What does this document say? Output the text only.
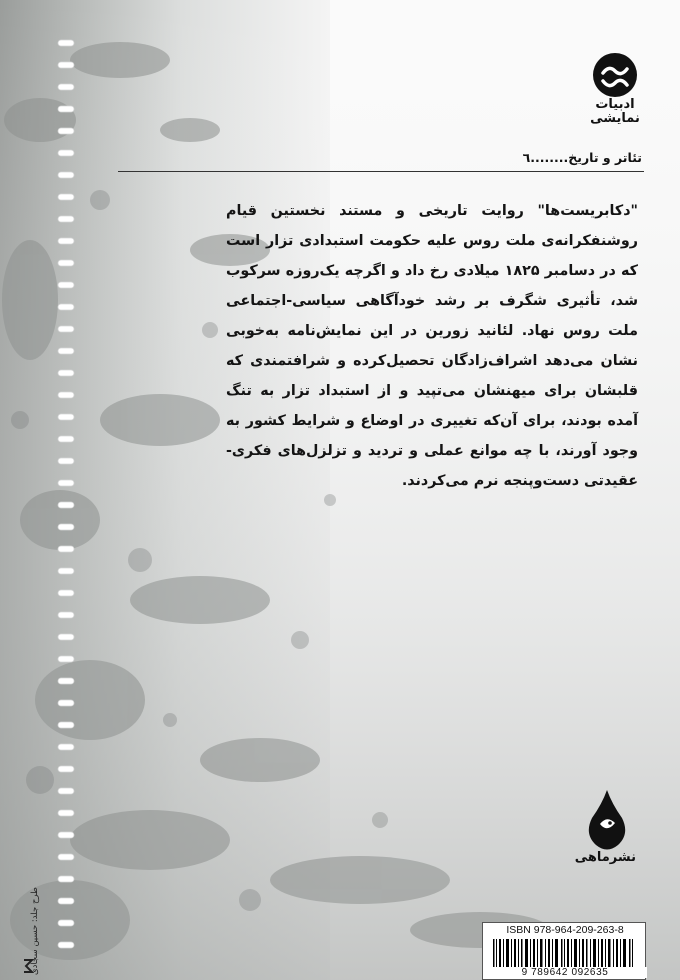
ادبیات
نمایشی
تئاتر و تاریخ........٦
"دکابریست‌ها" روایت تاریخی و مستند نخستین قیام روشنفکرانه‌ی ملت روس علیه حکومت استبدادی تزار است که در دسامبر ۱۸۲۵ میلادی رخ داد و اگرچه یک‌روزه سرکوب شد، تأثیری شگرف بر رشد خودآگاهی سیاسی-اجتماعی ملت روس نهاد. لئانید زورین در این نمایش‌نامه به‌خوبی نشان می‌دهد اشراف‌زادگان تحصیل‌کرده و شرافتمندی که قلبشان برای میهنشان می‌تپید و از استبداد تزار به تنگ آمده بودند، برای آن‌که تغییری در اوضاع و شرایط کشور به وجود آورند، با چه موانع عملی و تردید و تزلزل‌های فکری-عقیدتی دست‌وپنجه نرم می‌کردند.
نشرماهی
ISBN 978-964-209-263-8
9 789642 092635
طرح جلد: حسین سجادی
